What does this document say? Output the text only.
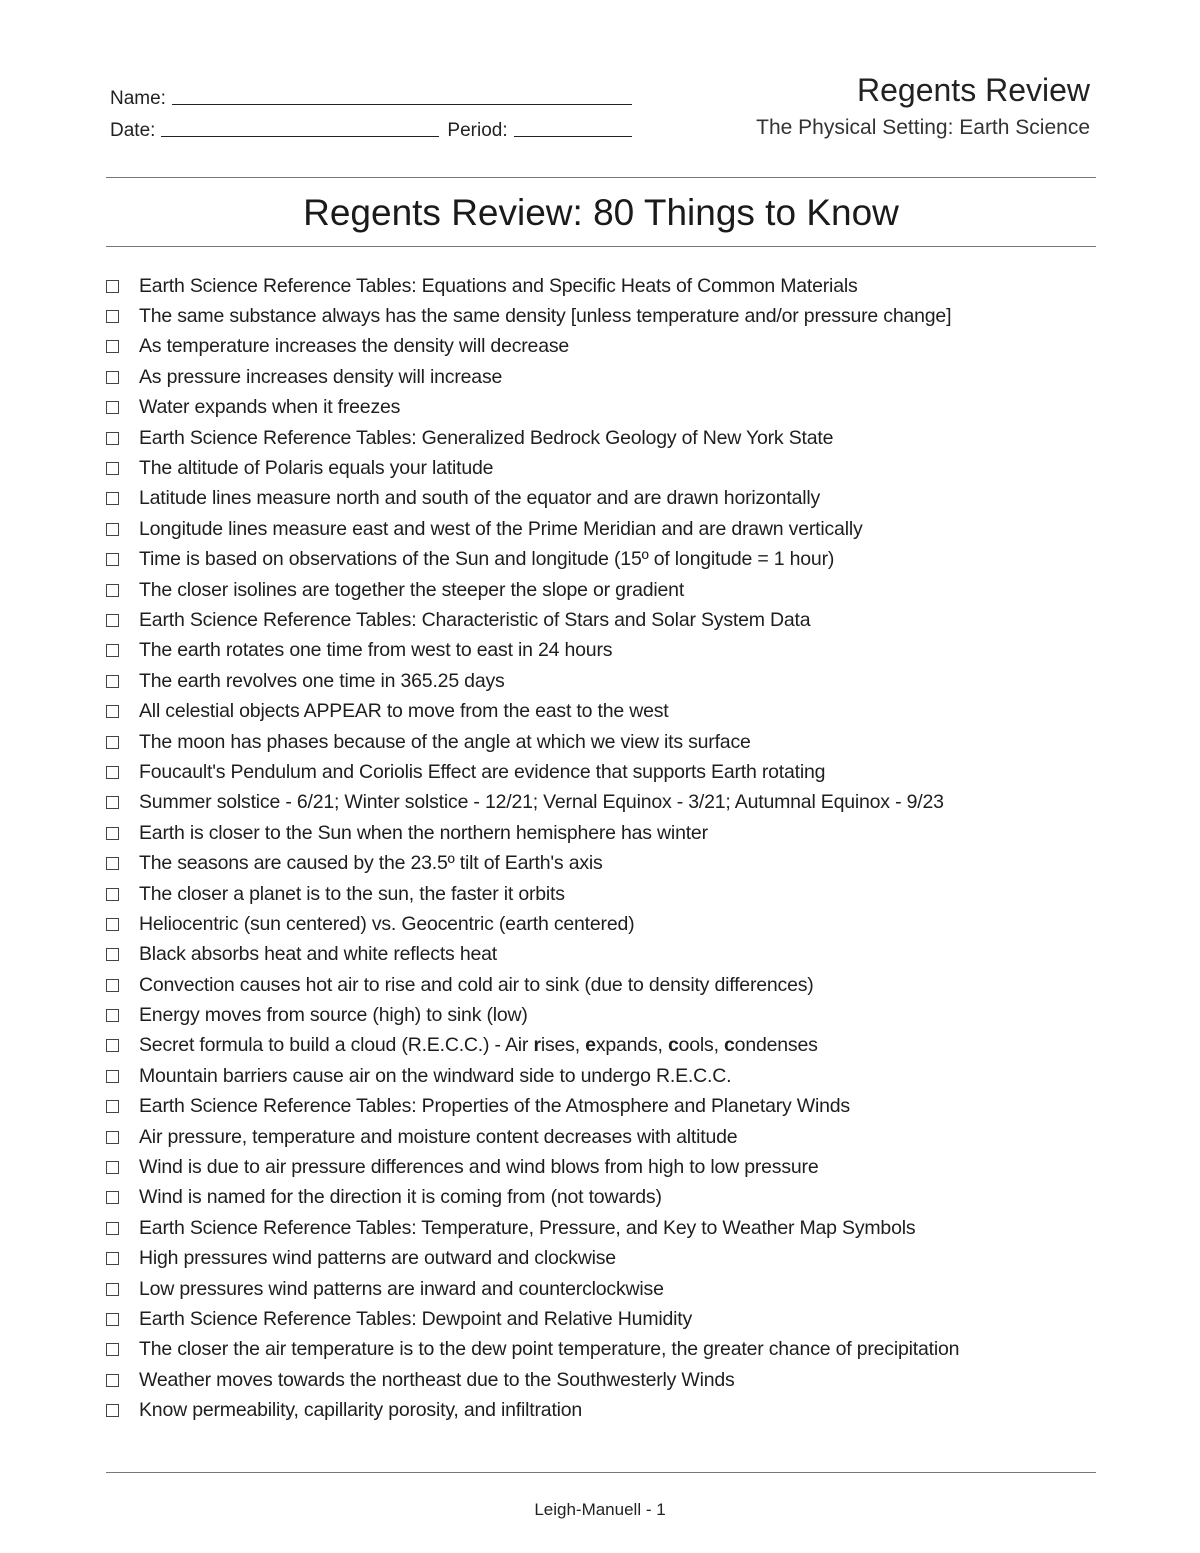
Name:
Date:	Period:
Regents Review
The Physical Setting: Earth Science
Regents Review: 80 Things to Know
Earth Science Reference Tables: Equations and Specific Heats of Common Materials
The same substance always has the same density [unless temperature and/or pressure change]
As temperature increases the density will decrease
As pressure increases density will increase
Water expands when it freezes
Earth Science Reference Tables: Generalized Bedrock Geology of New York State
The altitude of Polaris equals your latitude
Latitude lines measure north and south of the equator and are drawn horizontally
Longitude lines measure east and west of the Prime Meridian and are drawn vertically
Time is based on observations of the Sun and longitude (15º of longitude = 1 hour)
The closer isolines are together the steeper the slope or gradient
Earth Science Reference Tables: Characteristic of Stars and Solar System Data
The earth rotates one time from west to east in 24 hours
The earth revolves one time in 365.25 days
All celestial objects APPEAR to move from the east to the west
The moon has phases because of the angle at which we view its surface
Foucault's Pendulum and Coriolis Effect are evidence that supports Earth rotating
Summer solstice - 6/21; Winter solstice - 12/21; Vernal Equinox - 3/21; Autumnal Equinox - 9/23
Earth is closer to the Sun when the northern hemisphere has winter
The seasons are caused by the 23.5º tilt of Earth's axis
The closer a planet is to the sun, the faster it orbits
Heliocentric (sun centered) vs. Geocentric (earth centered)
Black absorbs heat and white reflects heat
Convection causes hot air to rise and cold air to sink (due to density differences)
Energy moves from source (high) to sink (low)
Secret formula to build a cloud (R.E.C.C.) - Air rises, expands, cools, condenses
Mountain barriers cause air on the windward side to undergo R.E.C.C.
Earth Science Reference Tables: Properties of the Atmosphere and Planetary Winds
Air pressure, temperature and moisture content decreases with altitude
Wind is due to air pressure differences and wind blows from high to low pressure
Wind is named for the direction it is coming from (not towards)
Earth Science Reference Tables: Temperature, Pressure, and Key to Weather Map Symbols
High pressures wind patterns are outward and clockwise
Low pressures wind patterns are inward and counterclockwise
Earth Science Reference Tables: Dewpoint and Relative Humidity
The closer the air temperature is to the dew point temperature, the greater chance of precipitation
Weather moves towards the northeast due to the Southwesterly Winds
Know permeability, capillarity porosity, and infiltration
Leigh-Manuell - 1
